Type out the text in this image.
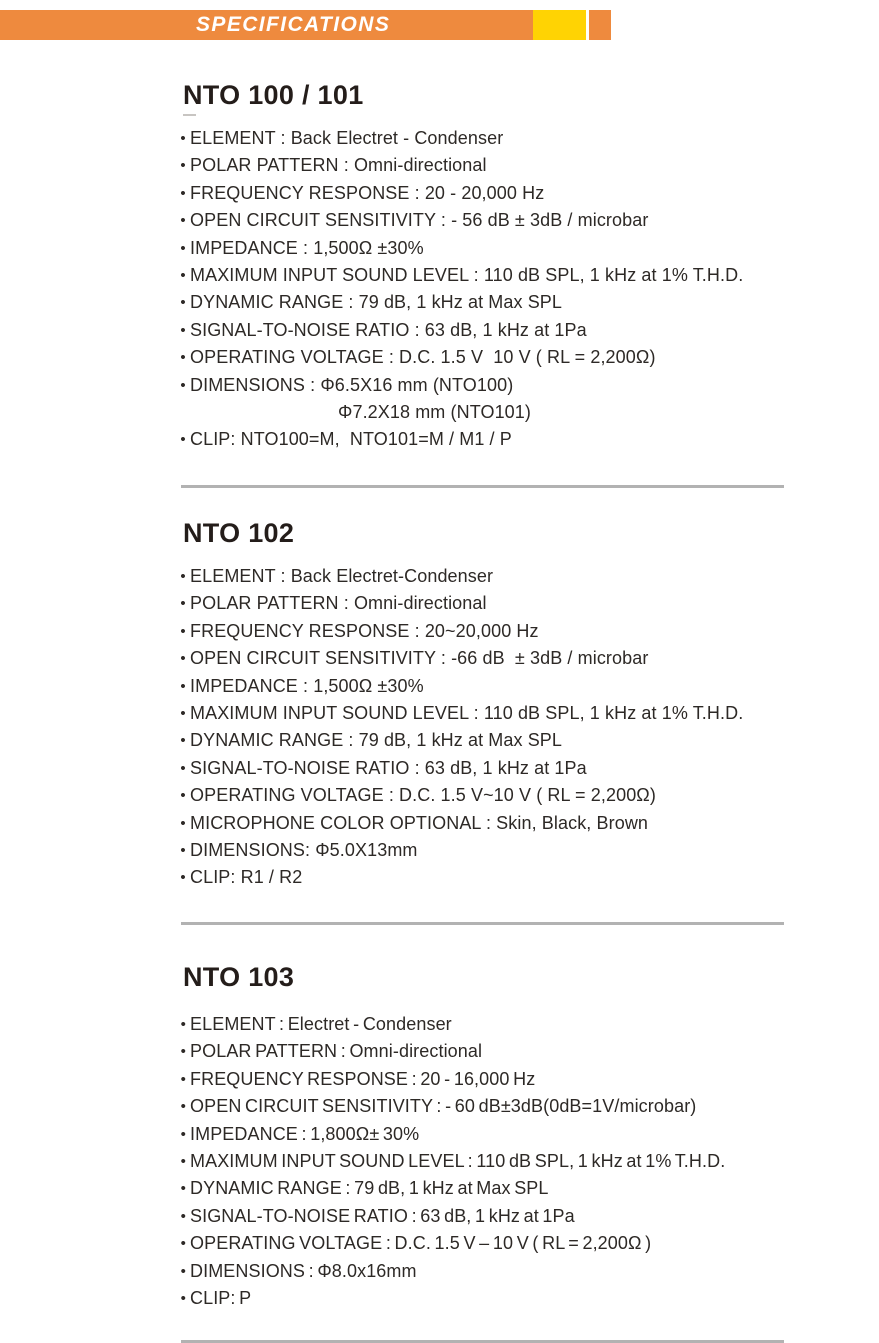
SPECIFICATIONS
NTO 100 / 101
• ELEMENT : Back Electret - Condenser
• POLAR PATTERN : Omni-directional
• FREQUENCY RESPONSE : 20 - 20,000 Hz
• OPEN CIRCUIT SENSITIVITY : - 56 dB ± 3dB / microbar
• IMPEDANCE : 1,500Ω ±30%
• MAXIMUM INPUT SOUND LEVEL : 110 dB SPL, 1 kHz at 1% T.H.D.
• DYNAMIC RANGE : 79 dB, 1 kHz at Max SPL
• SIGNAL-TO-NOISE RATIO : 63 dB, 1 kHz at 1Pa
• OPERATING VOLTAGE : D.C. 1.5 V  10 V ( RL = 2,200Ω)
• DIMENSIONS : Φ6.5X16 mm (NTO100)
Φ7.2X18 mm (NTO101)
• CLIP: NTO100=M,  NTO101=M / M1 / P
NTO 102
• ELEMENT : Back Electret-Condenser
• POLAR PATTERN : Omni-directional
• FREQUENCY RESPONSE : 20~20,000 Hz
• OPEN CIRCUIT SENSITIVITY : -66 dB  ± 3dB / microbar
• IMPEDANCE : 1,500Ω ±30%
• MAXIMUM INPUT SOUND LEVEL : 110 dB SPL, 1 kHz at 1% T.H.D.
• DYNAMIC RANGE : 79 dB, 1 kHz at Max SPL
• SIGNAL-TO-NOISE RATIO : 63 dB, 1 kHz at 1Pa
• OPERATING VOLTAGE : D.C. 1.5 V~10 V ( RL = 2,200Ω)
• MICROPHONE COLOR OPTIONAL : Skin, Black, Brown
• DIMENSIONS: Φ5.0X13mm
• CLIP: R1 / R2
NTO 103
• ELEMENT : Electret - Condenser
• POLAR PATTERN : Omni-directional
• FREQUENCY RESPONSE : 20 - 16,000 Hz
• OPEN CIRCUIT SENSITIVITY : - 60 dB±3dB(0dB=1V/microbar)
• IMPEDANCE : 1,800Ω± 30%
• MAXIMUM INPUT SOUND LEVEL : 110 dB SPL, 1 kHz at 1% T.H.D.
• DYNAMIC RANGE : 79 dB, 1 kHz at Max SPL
• SIGNAL-TO-NOISE RATIO : 63 dB, 1 kHz at 1Pa
• OPERATING VOLTAGE : D.C. 1.5 V – 10 V ( RL = 2,200Ω )
• DIMENSIONS : Φ8.0x16mm
• CLIP: P
